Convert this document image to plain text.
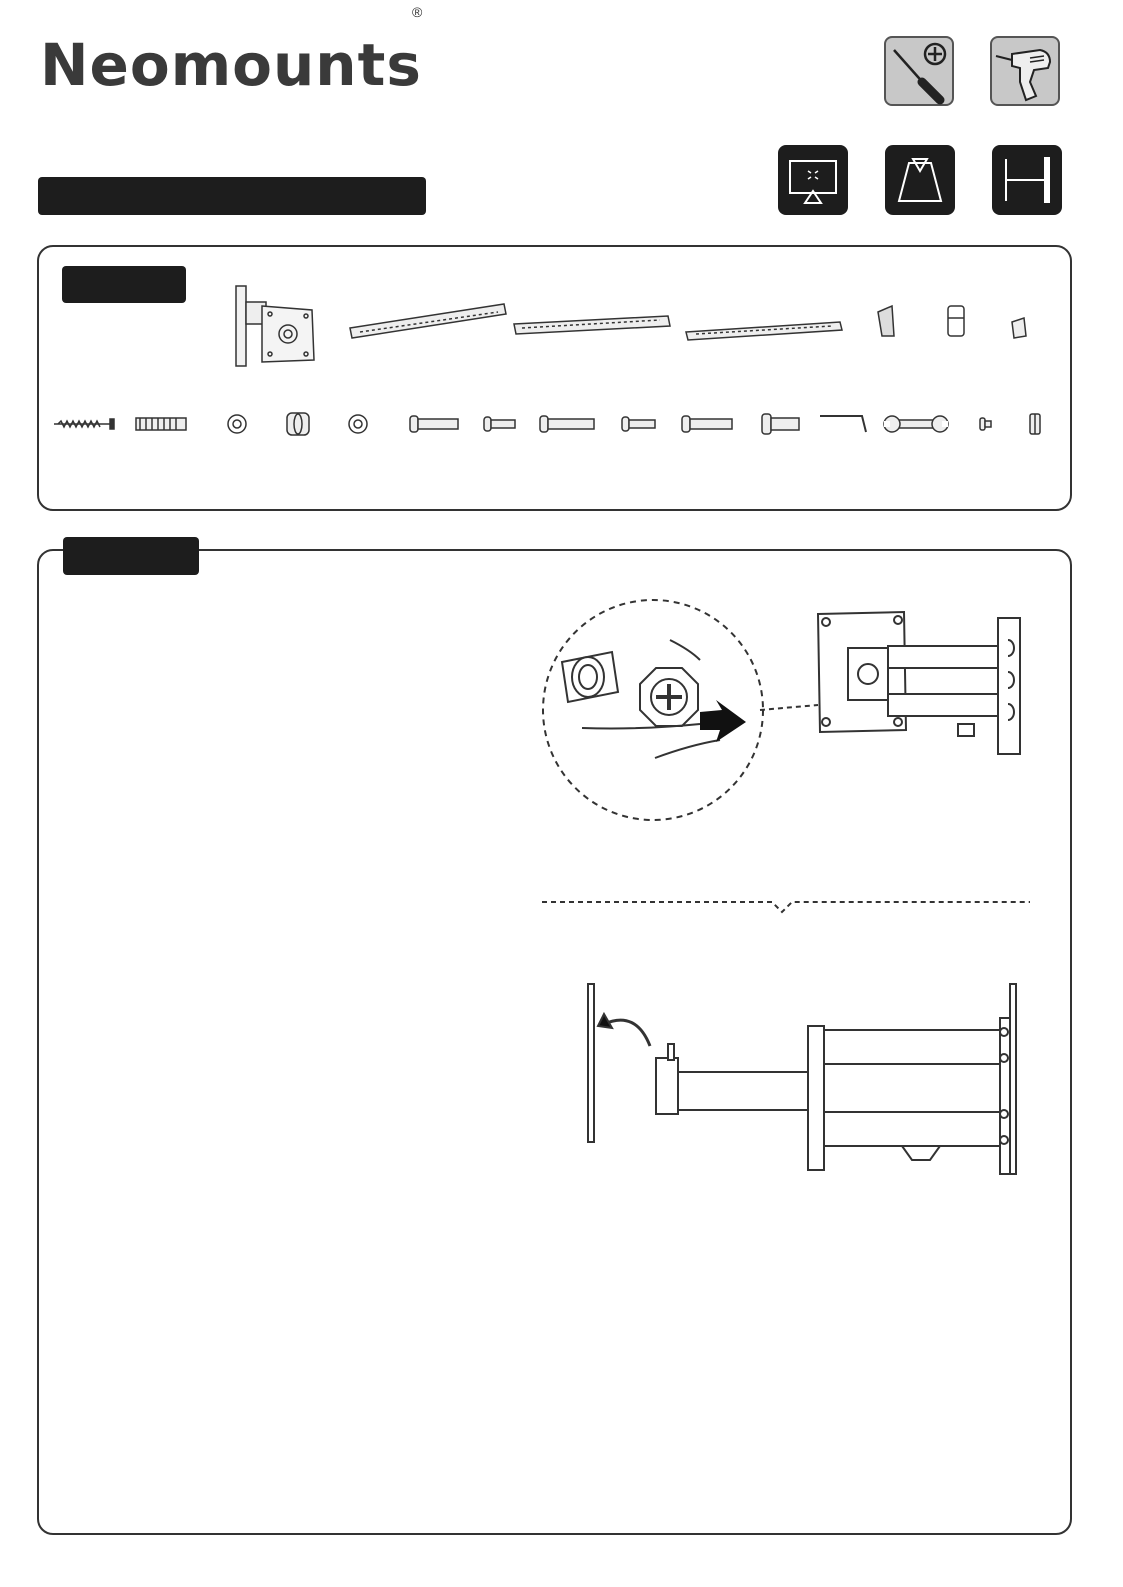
Neomounts
®
